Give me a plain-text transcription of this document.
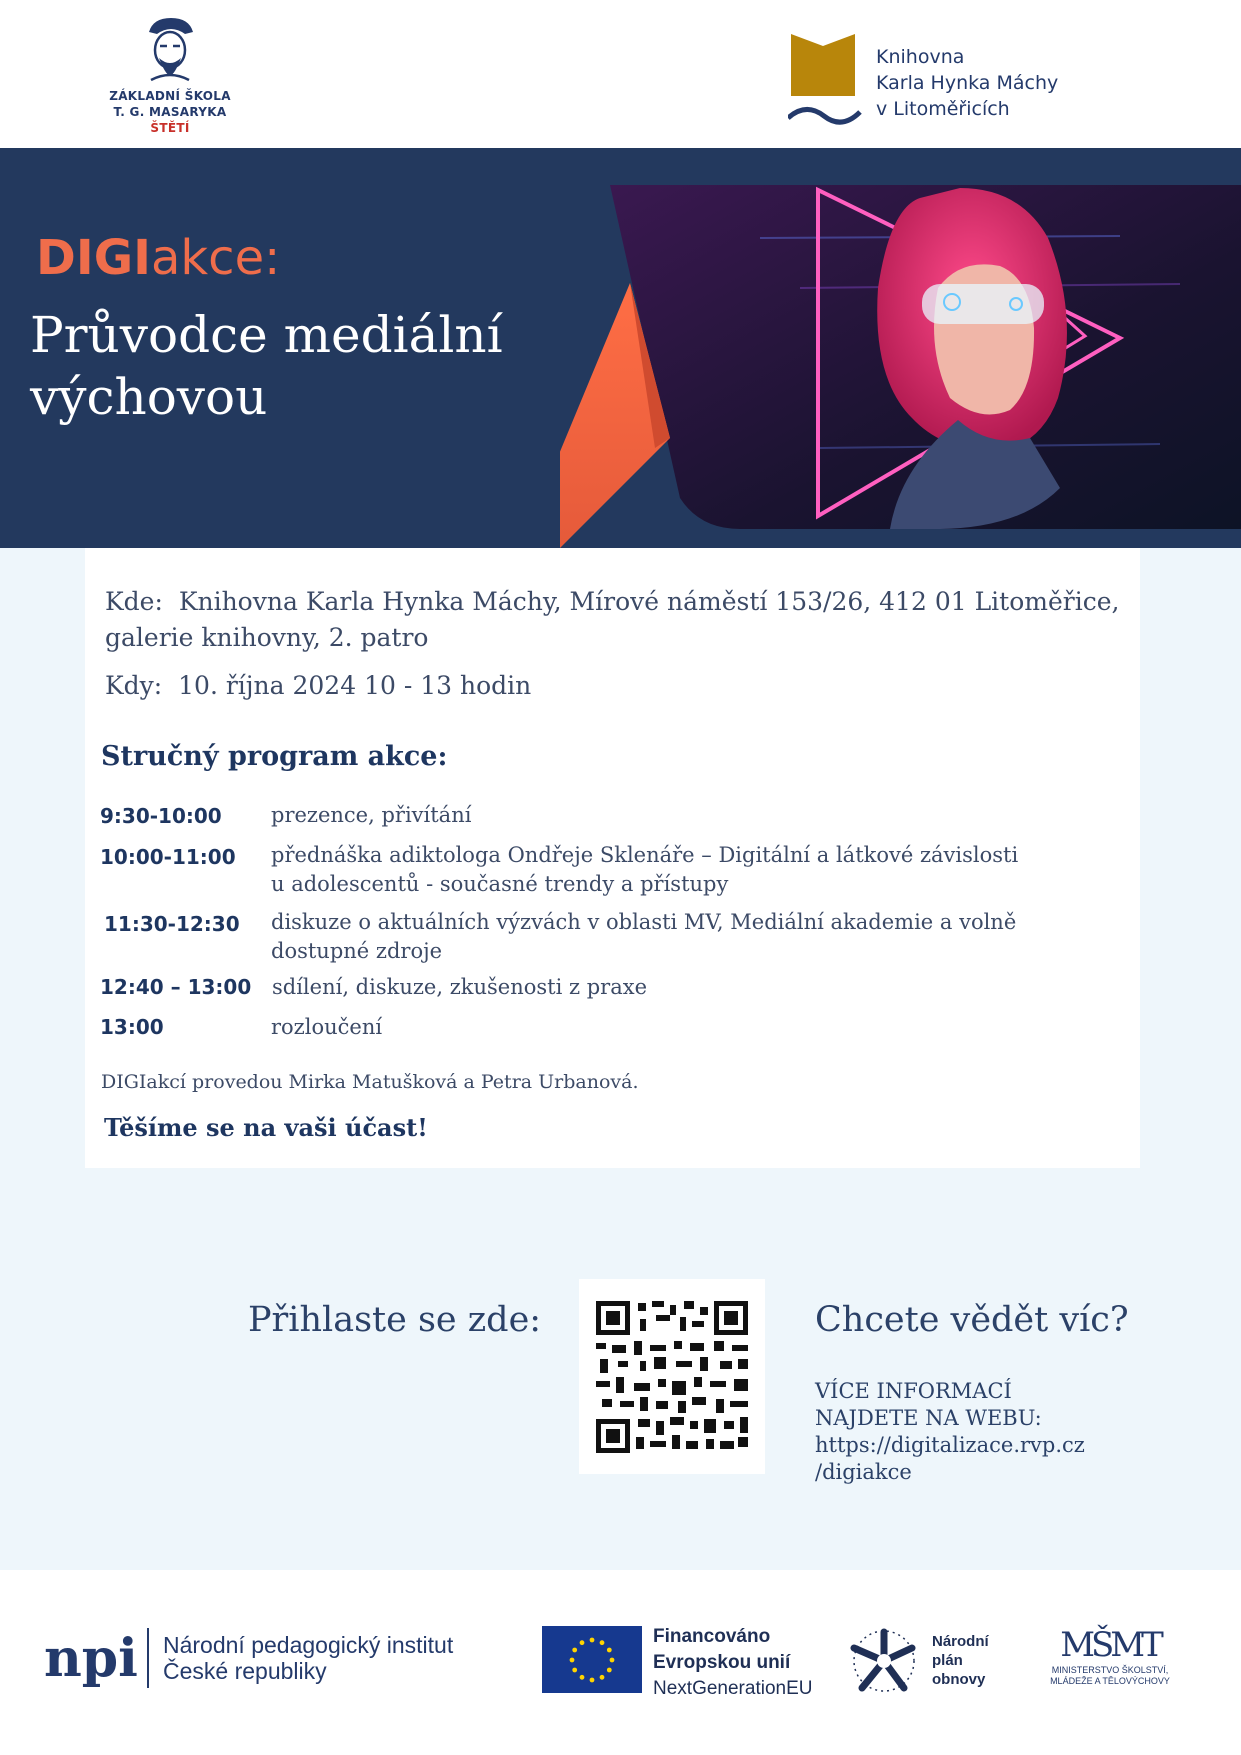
ZÁKLADNÍ ŠKOLA
T. G. MASARYKA
ŠTĚTÍ
Knihovna
Karla Hynka Máchy
v Litoměřicích
DIGIakce:
Průvodce mediální výchovou
Kde: Knihovna Karla Hynka Máchy, Mírové náměstí 153/26, 412 01 Litoměřice,
galerie knihovny, 2. patro
Kdy: 10. října 2024 10 - 13 hodin
Stručný program akce:
9:30-10:00 prezence, přivítání
10:00-11:00 přednáška adiktologa Ondřeje Sklenáře – Digitální a látkové závislosti u adolescentů - současné trendy a přístupy
11:30-12:30 diskuze o aktuálních výzvách v oblasti MV, Mediální akademie a volně dostupné zdroje
12:40 – 13:00 sdílení, diskuze, zkušenosti z praxe
13:00	rozloučení
DIGIakcí provedou Mirka Matušková a Petra Urbanová.
Těšíme se na vaši účast!
Přihlaste se zde:	Chcete vědět víc?
VÍCE INFORMACÍ
NAJDETE NA WEBU:
https://digitalizace.rvp.cz
/digiakce
npi Národní pedagogický institut
České republiky
Financováno
Evropskou unií
NextGenerationEU
Národní
plán
obnovy
MŠMT
MINISTERSTVO ŠKOLSTVÍ,
MLÁDEŽE A TĚLOVÝCHOVY
